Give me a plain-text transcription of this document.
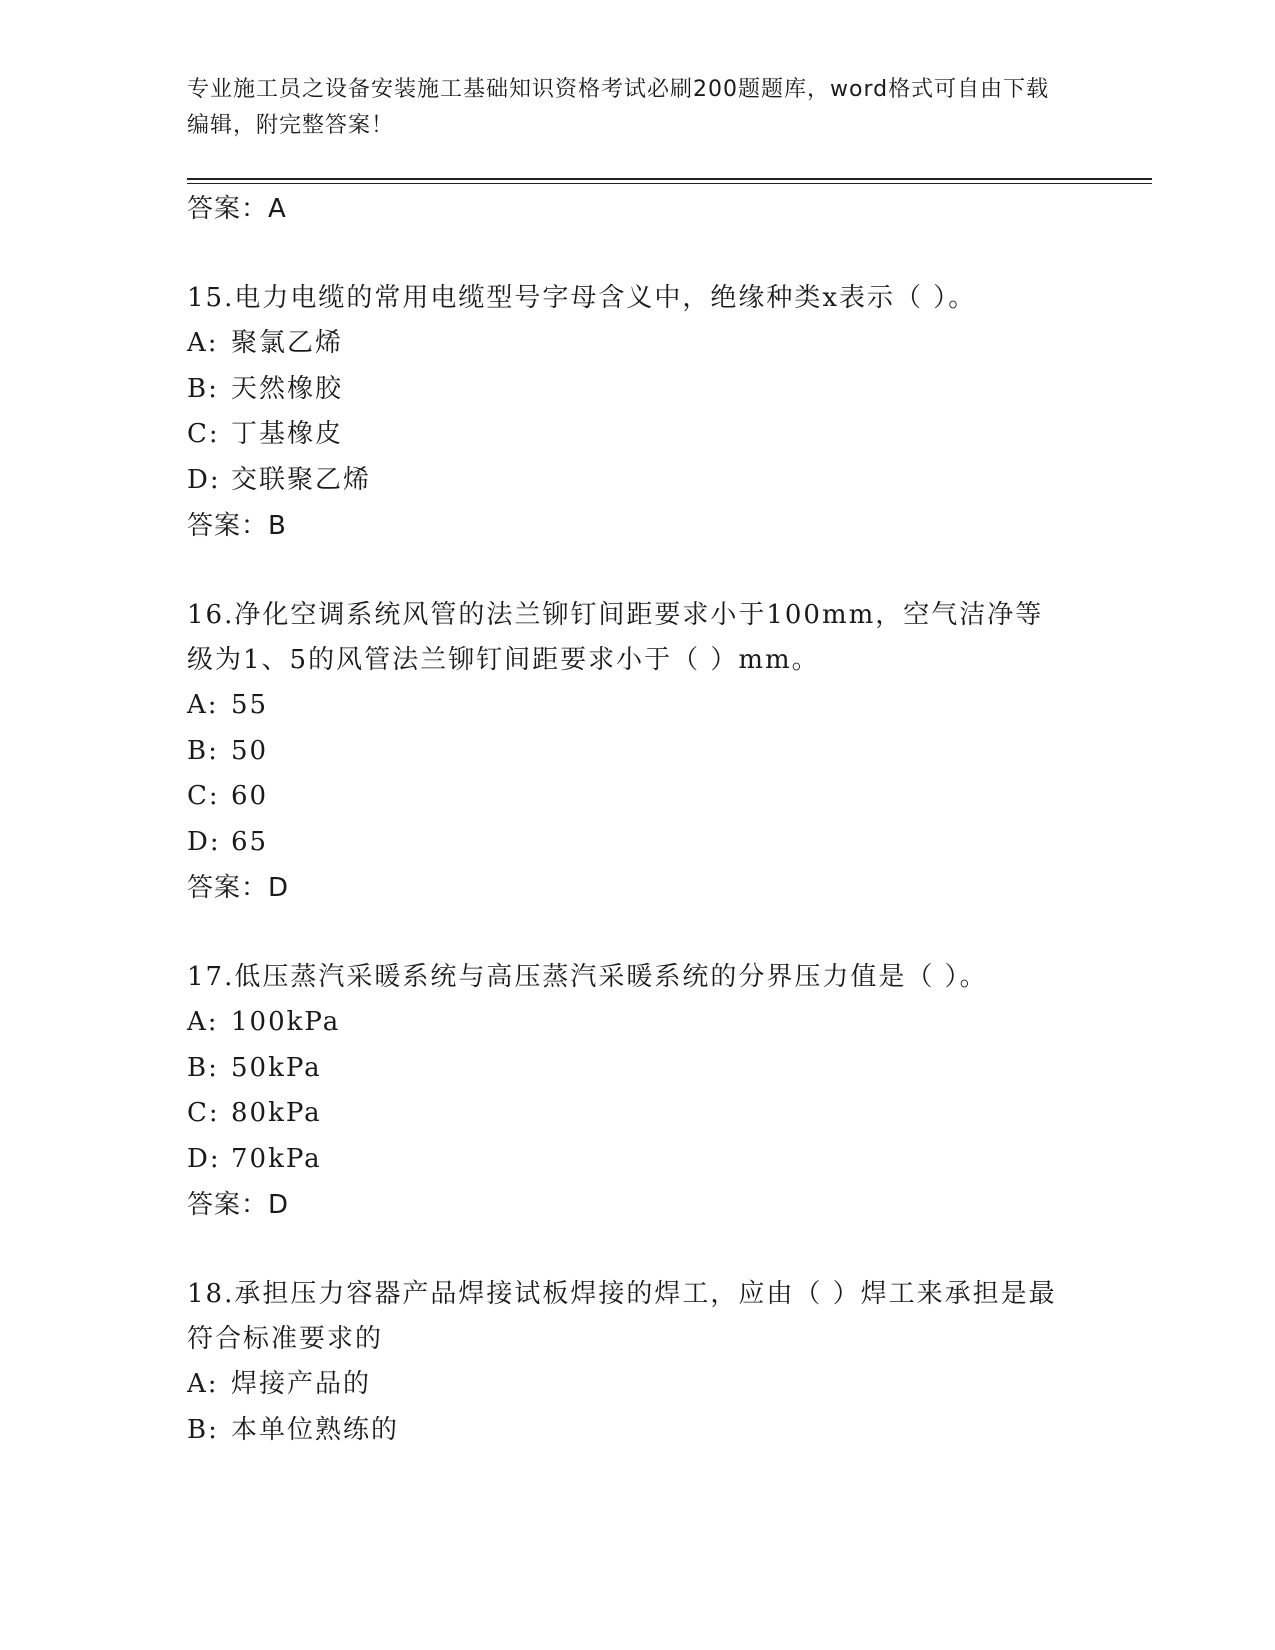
专业施工员之设备安装施工基础知识资格考试必刷200题题库，word格式可自由下载编辑，附完整答案！
答案：A
15.电力电缆的常用电缆型号字母含义中，绝缘种类x表示（ ）。
A: 聚氯乙烯
B: 天然橡胶
C: 丁基橡皮
D: 交联聚乙烯
答案：B
16.净化空调系统风管的法兰铆钉间距要求小于100mm，空气洁净等级为1、5的风管法兰铆钉间距要求小于（ ）mm。
A: 55
B: 50
C: 60
D: 65
答案：D
17.低压蒸汽采暖系统与高压蒸汽采暖系统的分界压力值是（ ）。
A: 100kPa
B: 50kPa
C: 80kPa
D: 70kPa
答案：D
18.承担压力容器产品焊接试板焊接的焊工，应由（ ）焊工来承担是最符合标准要求的
A: 焊接产品的
B: 本单位熟练的
